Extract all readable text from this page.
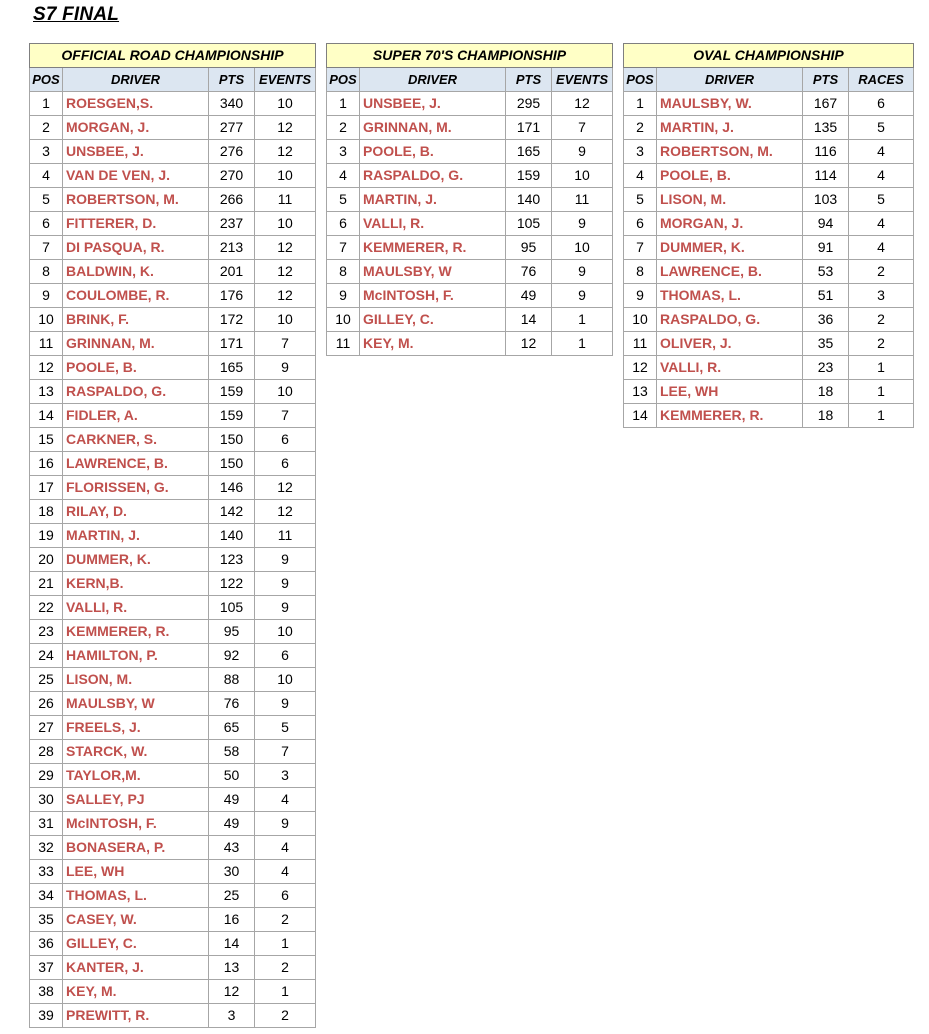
S7 FINAL
OFFICIAL ROAD CHAMPIONSHIP			
POS	DRIVER	PTS	EVENTS
1	ROESGEN,S.	340	10
2	MORGAN, J.	277	12
3	UNSBEE, J.	276	12
4	VAN DE VEN, J.	270	10
5	ROBERTSON, M.	266	11
6	FITTERER, D.	237	10
7	DI PASQUA, R.	213	12
8	BALDWIN, K.	201	12
9	COULOMBE, R.	176	12
10	BRINK, F.	172	10
11	GRINNAN, M.	171	7
12	POOLE, B.	165	9
13	RASPALDO, G.	159	10
14	FIDLER, A.	159	7
15	CARKNER, S.	150	6
16	LAWRENCE, B.	150	6
17	FLORISSEN, G.	146	12
18	RILAY, D.	142	12
19	MARTIN, J.	140	11
20	DUMMER, K.	123	9
21	KERN,B.	122	9
22	VALLI, R.	105	9
23	KEMMERER, R.	95	10
24	HAMILTON, P.	92	6
25	LISON, M.	88	10
26	MAULSBY, W	76	9
27	FREELS, J.	65	5
28	STARCK, W.	58	7
29	TAYLOR,M.	50	3
30	SALLEY, PJ	49	4
31	McINTOSH, F.	49	9
32	BONASERA, P.	43	4
33	LEE, WH	30	4
34	THOMAS, L.	25	6
35	CASEY, W.	16	2
36	GILLEY, C.	14	1
37	KANTER, J.	13	2
38	KEY, M.	12	1
39	PREWITT, R.	3	2
SUPER 70'S CHAMPIONSHIP			
POS	DRIVER	PTS	EVENTS
1	UNSBEE, J.	295	12
2	GRINNAN, M.	171	7
3	POOLE, B.	165	9
4	RASPALDO, G.	159	10
5	MARTIN, J.	140	11
6	VALLI, R.	105	9
7	KEMMERER, R.	95	10
8	MAULSBY, W	76	9
9	McINTOSH, F.	49	9
10	GILLEY, C.	14	1
11	KEY, M.	12	1
OVAL CHAMPIONSHIP			
POS	DRIVER	PTS	RACES
1	MAULSBY, W.	167	6
2	MARTIN, J.	135	5
3	ROBERTSON, M.	116	4
4	POOLE, B.	114	4
5	LISON, M.	103	5
6	MORGAN, J.	94	4
7	DUMMER, K.	91	4
8	LAWRENCE, B.	53	2
9	THOMAS, L.	51	3
10	RASPALDO, G.	36	2
11	OLIVER, J.	35	2
12	VALLI, R.	23	1
13	LEE, WH	18	1
14	KEMMERER, R.	18	1
